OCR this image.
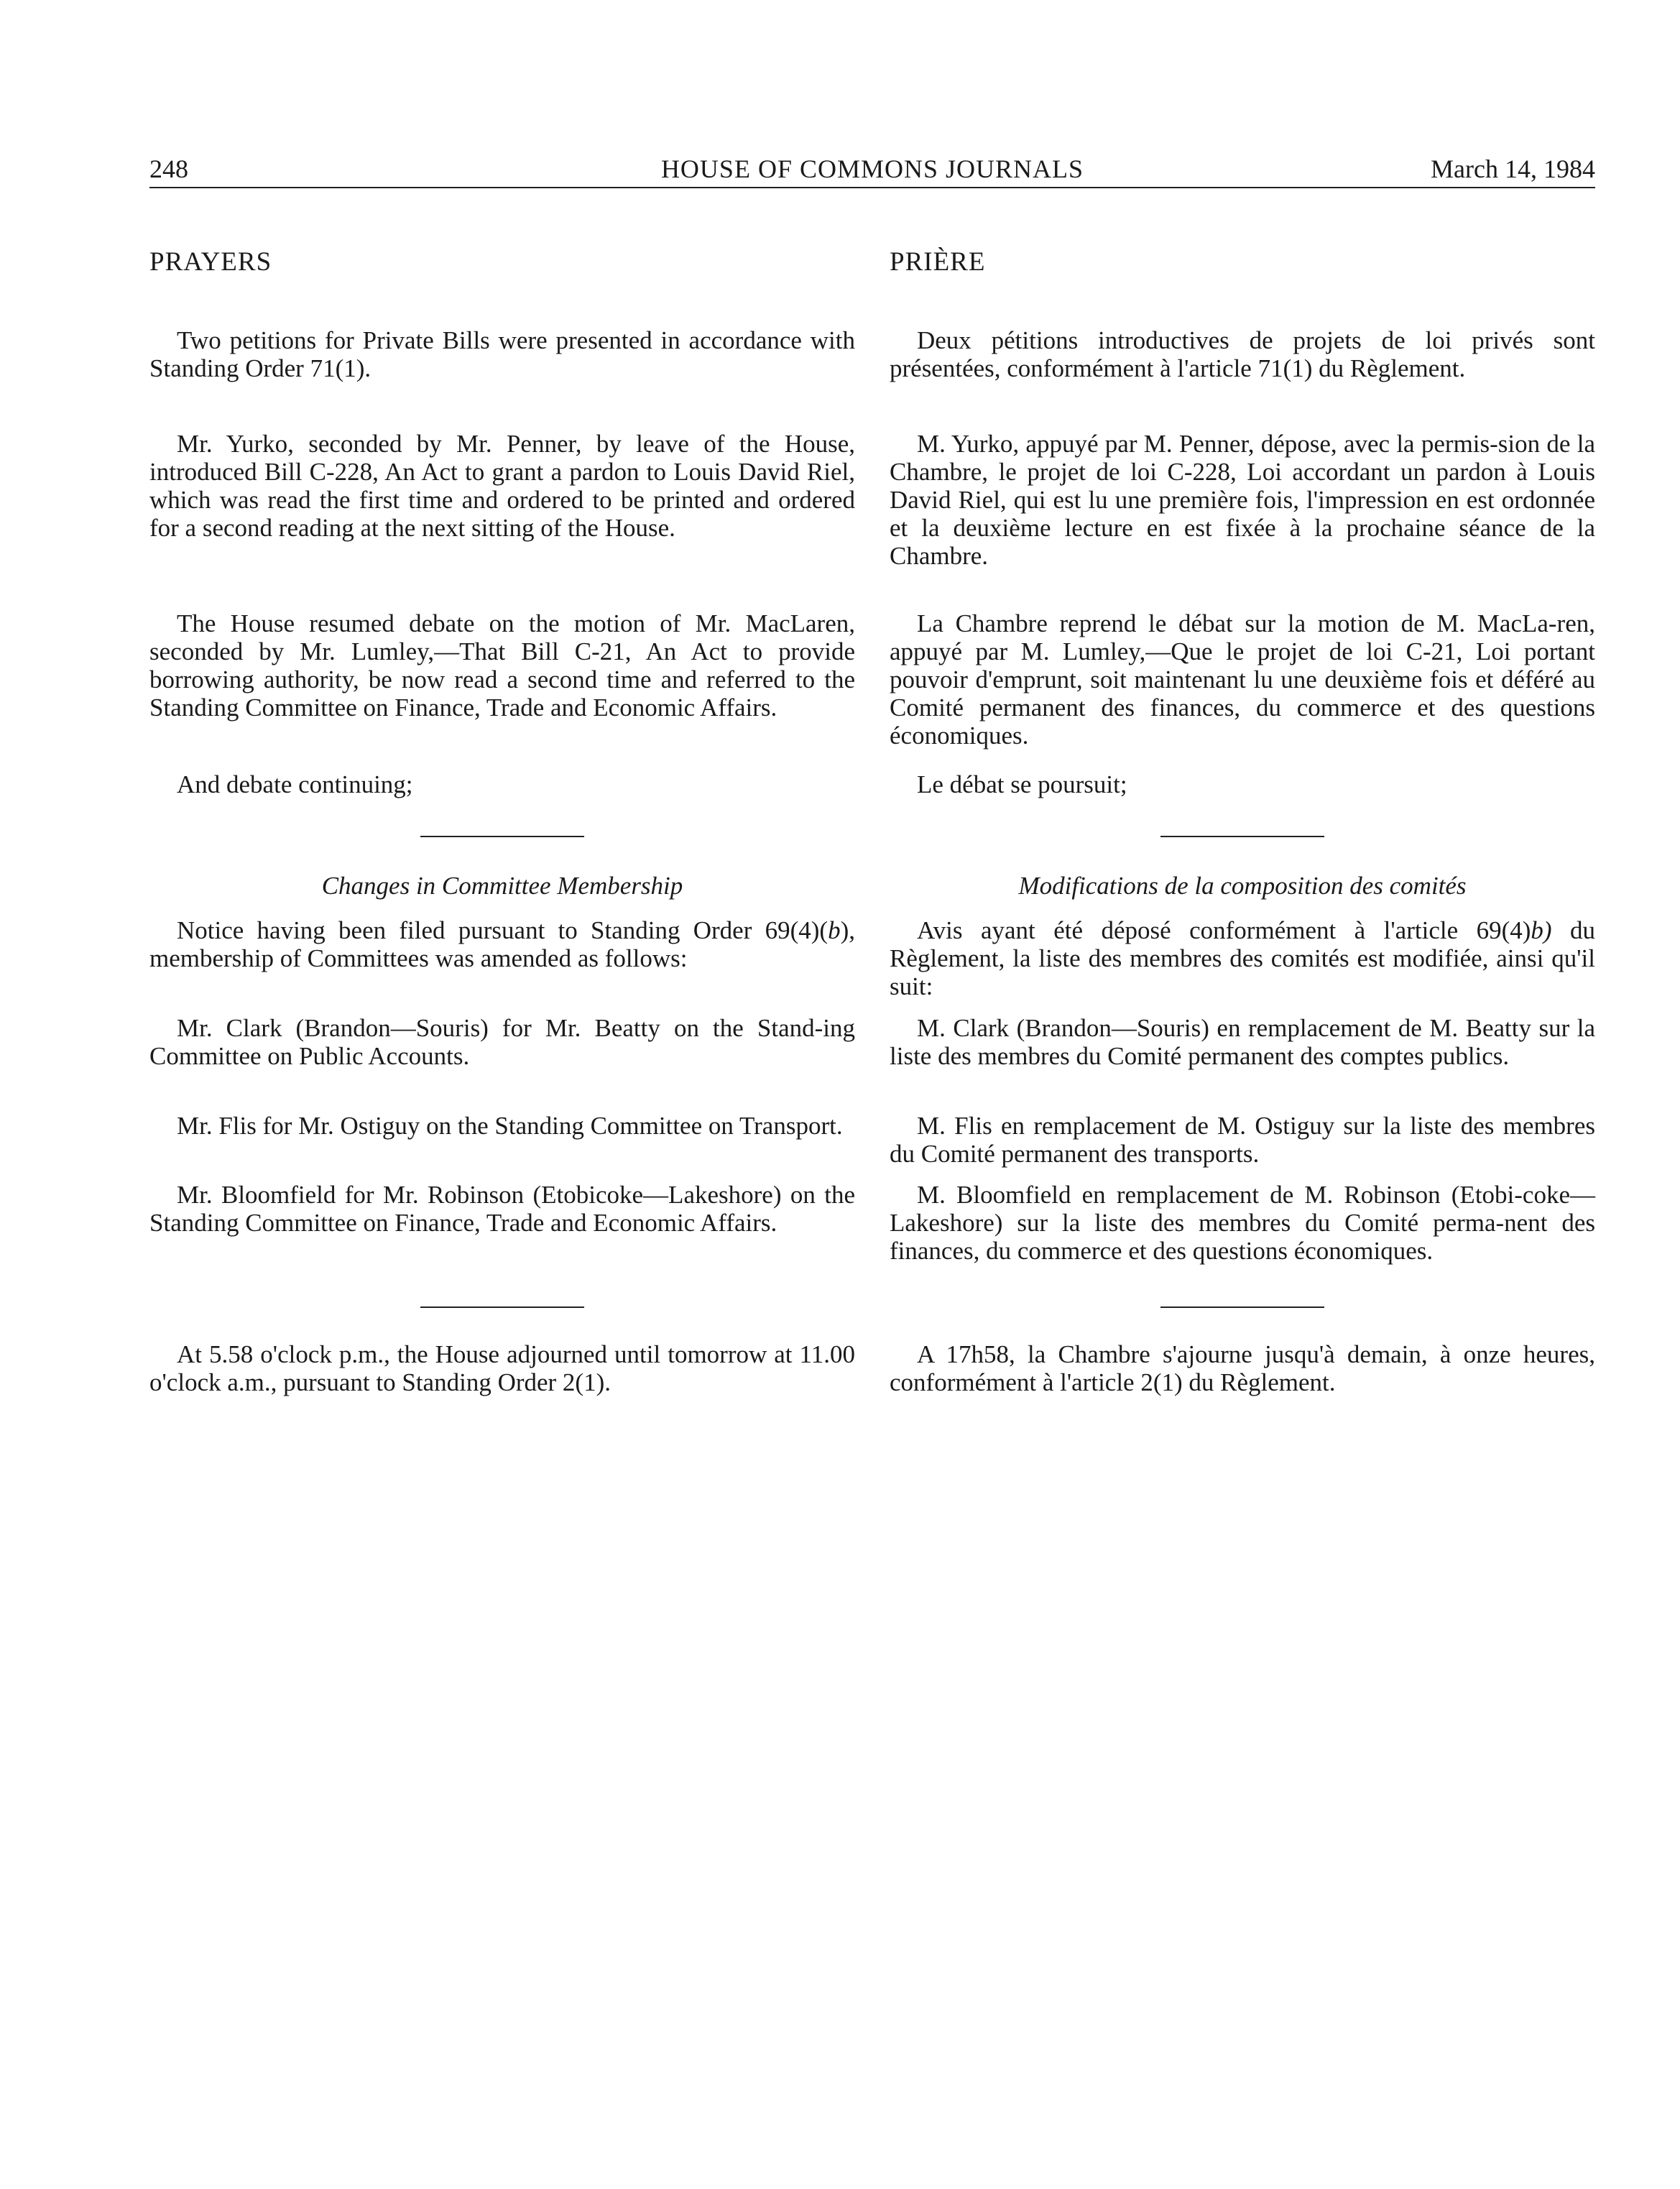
248	HOUSE OF COMMONS JOURNALS	March 14, 1984
PRAYERS

Two petitions for Private Bills were presented in accordance with Standing Order 71(1).

Mr. Yurko, seconded by Mr. Penner, by leave of the House, introduced Bill C-228, An Act to grant a pardon to Louis David Riel, which was read the first time and ordered to be printed and ordered for a second reading at the next sitting of the House.

The House resumed debate on the motion of Mr. MacLaren, seconded by Mr. Lumley,—That Bill C-21, An Act to provide borrowing authority, be now read a second time and referred to the Standing Committee on Finance, Trade and Economic Affairs.

And debate continuing;

Changes in Committee Membership

Notice having been filed pursuant to Standing Order 69(4)(b), membership of Committees was amended as follows:

Mr. Clark (Brandon—Souris) for Mr. Beatty on the Stand-ing Committee on Public Accounts.

Mr. Flis for Mr. Ostiguy on the Standing Committee on Transport.

Mr. Bloomfield for Mr. Robinson (Etobicoke—Lakeshore) on the Standing Committee on Finance, Trade and Economic Affairs.

At 5.58 o'clock p.m., the House adjourned until tomorrow at 11.00 o'clock a.m., pursuant to Standing Order 2(1).

PRIÈRE

Deux pétitions introductives de projets de loi privés sont présentées, conformément à l'article 71(1) du Règlement.

M. Yurko, appuyé par M. Penner, dépose, avec la permis-sion de la Chambre, le projet de loi C-228, Loi accordant un pardon à Louis David Riel, qui est lu une première fois, l'impression en est ordonnée et la deuxième lecture en est fixée à la prochaine séance de la Chambre.

La Chambre reprend le débat sur la motion de M. MacLa-ren, appuyé par M. Lumley,—Que le projet de loi C-21, Loi portant pouvoir d'emprunt, soit maintenant lu une deuxième fois et déféré au Comité permanent des finances, du commerce et des questions économiques.

Le débat se poursuit;

Modifications de la composition des comités

Avis ayant été déposé conformément à l'article 69(4)b) du Règlement, la liste des membres des comités est modifiée, ainsi qu'il suit:

M. Clark (Brandon—Souris) en remplacement de M. Beatty sur la liste des membres du Comité permanent des comptes publics.

M. Flis en remplacement de M. Ostiguy sur la liste des membres du Comité permanent des transports.

M. Bloomfield en remplacement de M. Robinson (Etobi-coke—Lakeshore) sur la liste des membres du Comité perma-nent des finances, du commerce et des questions économiques.

A 17h58, la Chambre s'ajourne jusqu'à demain, à onze heures, conformément à l'article 2(1) du Règlement.
